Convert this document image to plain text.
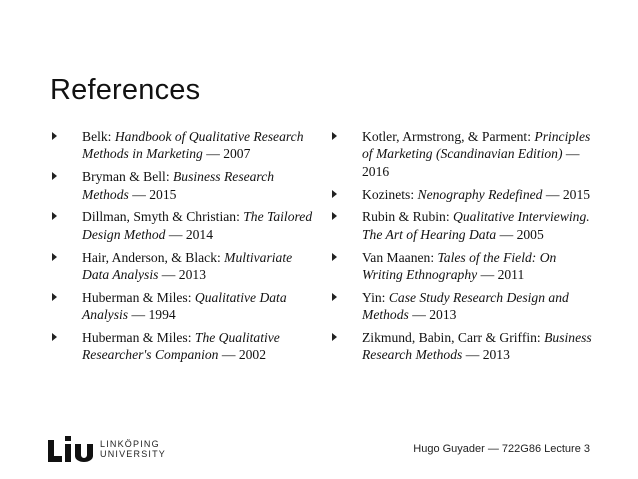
References
Belk: Handbook of Qualitative Research Methods in Marketing — 2007
Bryman & Bell: Business Research Methods — 2015
Dillman, Smyth & Christian: The Tailored Design Method — 2014
Hair, Anderson, & Black: Multivariate Data Analysis — 2013
Huberman & Miles: Qualitative Data Analysis — 1994
Huberman & Miles: The Qualitative Researcher's Companion — 2002
Kotler, Armstrong, & Parment: Principles of Marketing (Scandinavian Edition) — 2016
Kozinets: Nenography Redefined — 2015
Rubin & Rubin: Qualitative Interviewing. The Art of Hearing Data — 2005
Van Maanen: Tales of the Field: On Writing Ethnography — 2011
Yin: Case Study Research Design and Methods — 2013
Zikmund, Babin, Carr & Griffin: Business Research Methods — 2013
LINKÖPING
UNIVERSITY	Hugo Guyader — 722G86 Lecture 3
